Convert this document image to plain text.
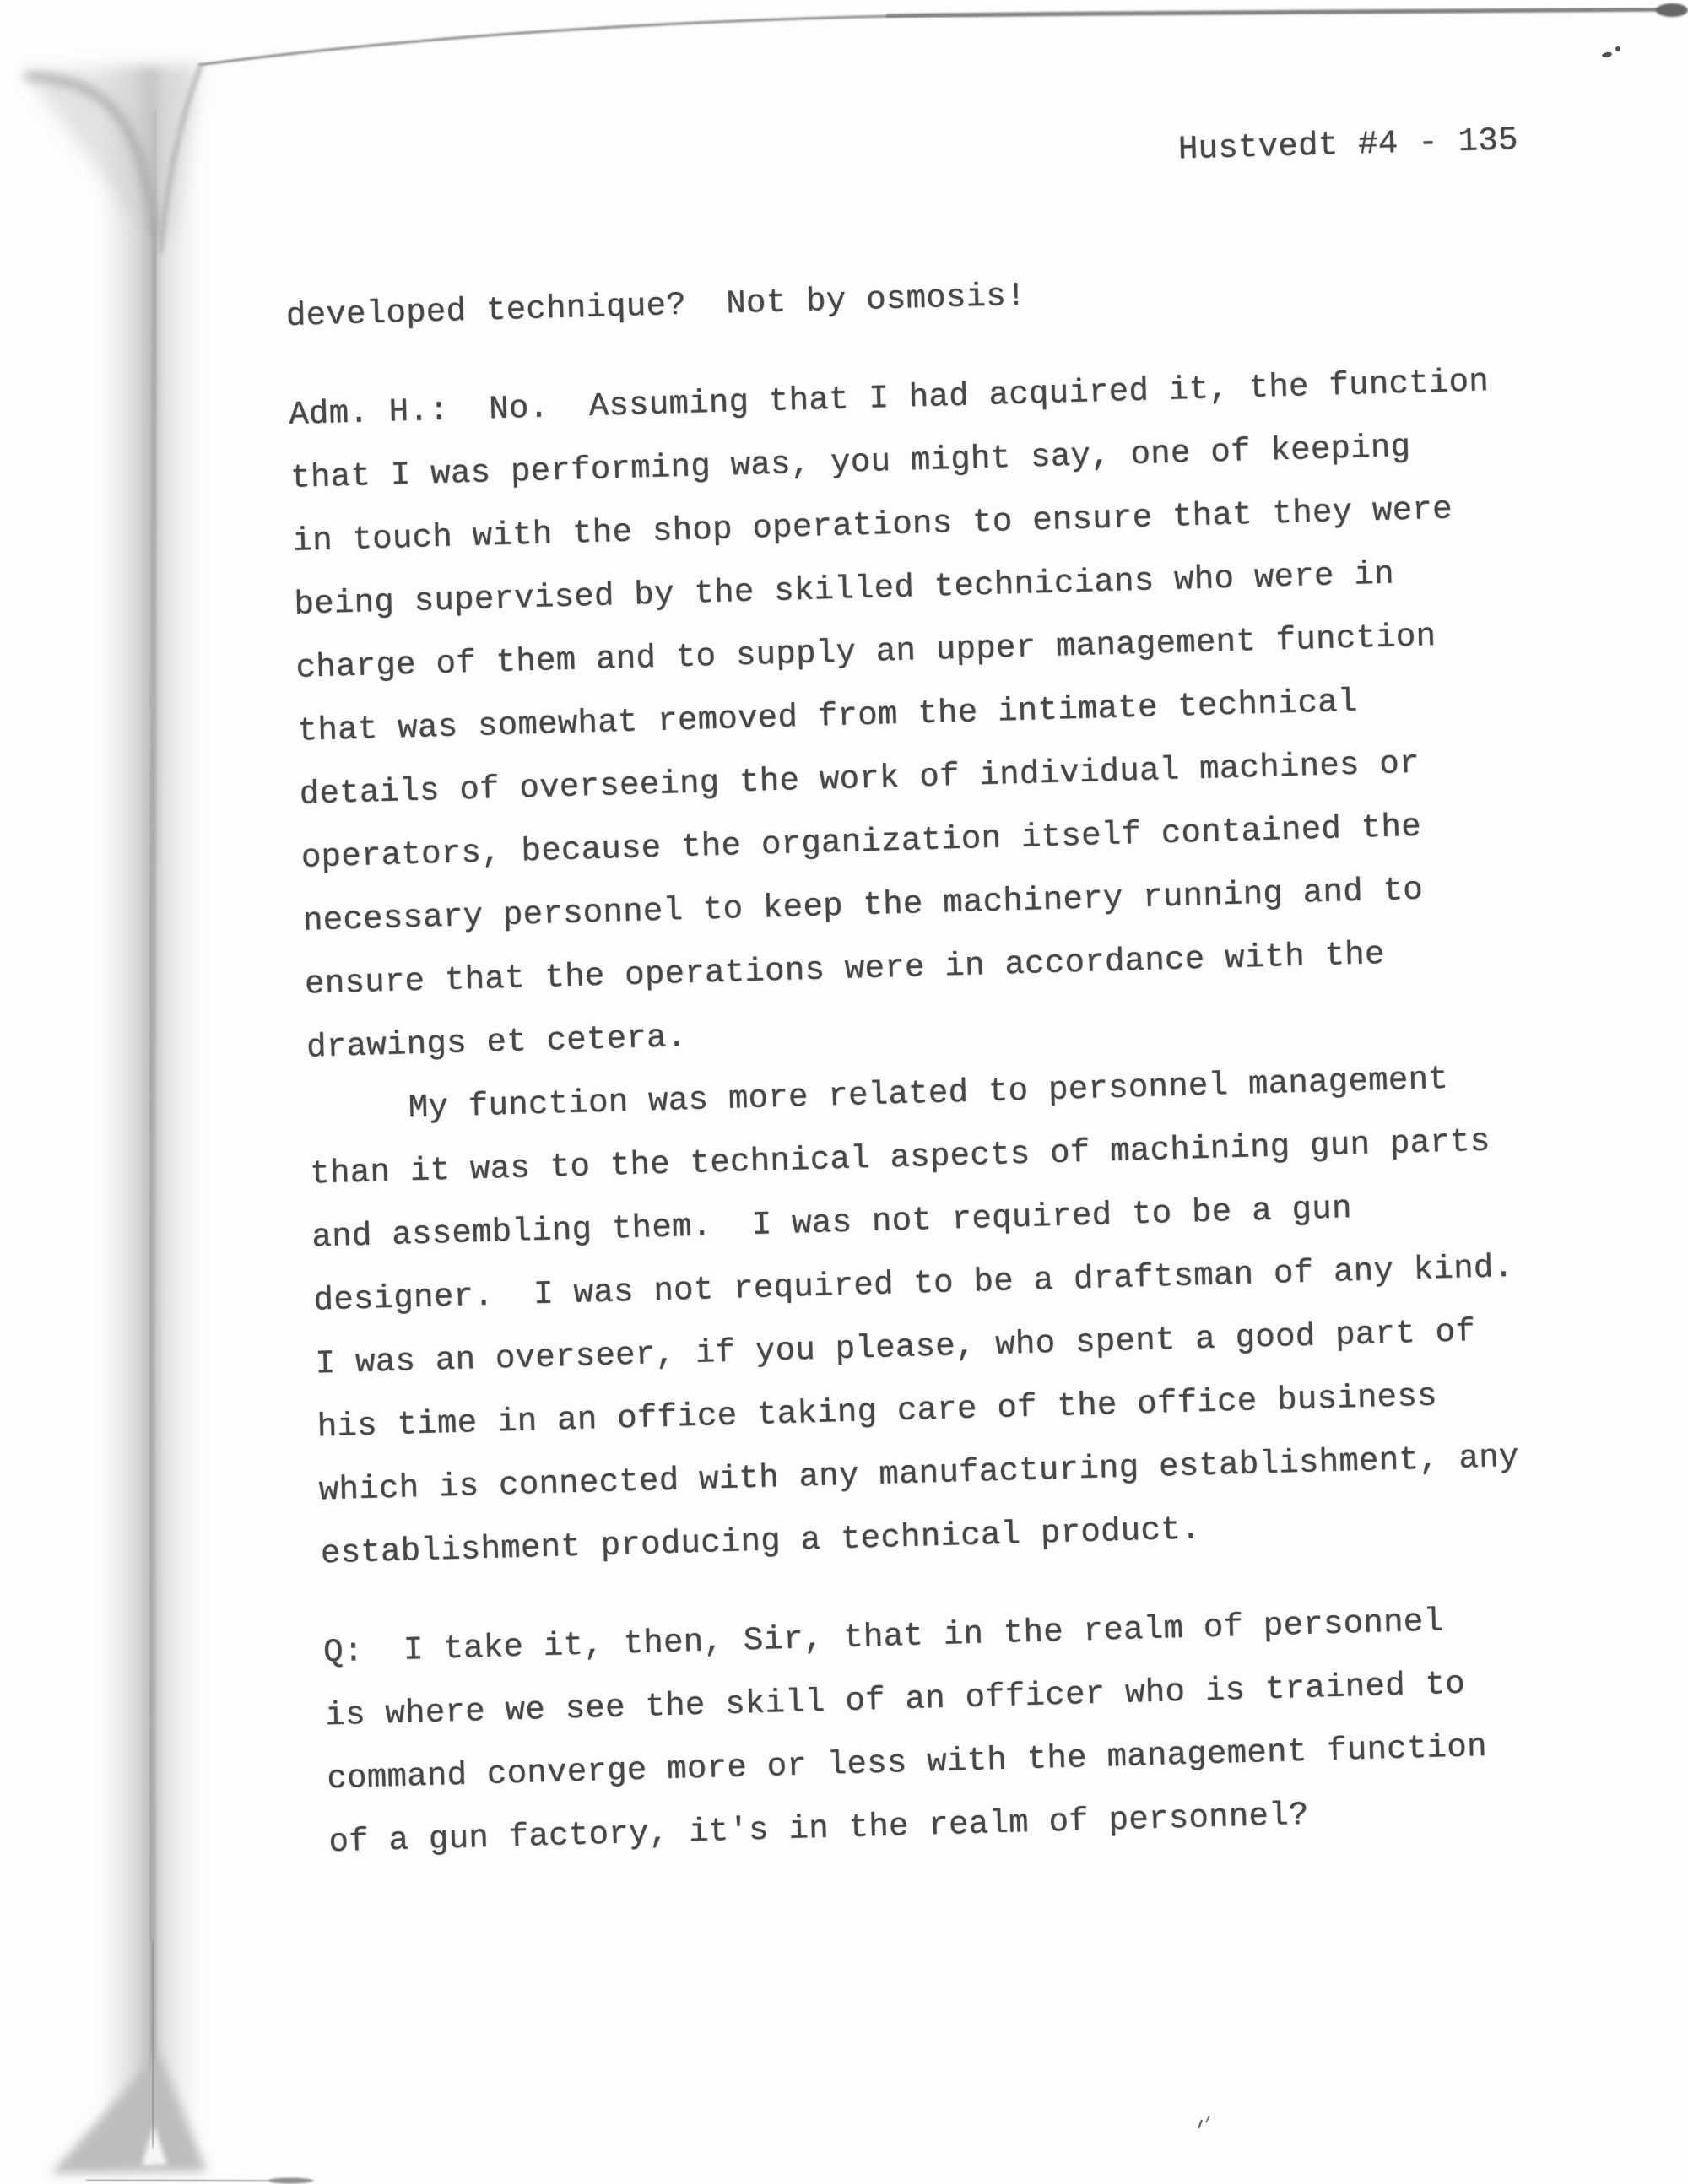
Hustvedt #4 - 135
developed technique?  Not by osmosis!
Adm. H.:  No.  Assuming that I had acquired it, the function
that I was performing was, you might say, one of keeping
in touch with the shop operations to ensure that they were
being supervised by the skilled technicians who were in
charge of them and to supply an upper management function
that was somewhat removed from the intimate technical
details of overseeing the work of individual machines or
operators, because the organization itself contained the
necessary personnel to keep the machinery running and to
ensure that the operations were in accordance with the
drawings et cetera.
My function was more related to personnel management
than it was to the technical aspects of machining gun parts
and assembling them.  I was not required to be a gun
designer.  I was not required to be a draftsman of any kind.
I was an overseer, if you please, who spent a good part of
his time in an office taking care of the office business
which is connected with any manufacturing establishment, any
establishment producing a technical product.
Q:  I take it, then, Sir, that in the realm of personnel
is where we see the skill of an officer who is trained to
command converge more or less with the management function
of a gun factory, it's in the realm of personnel?
